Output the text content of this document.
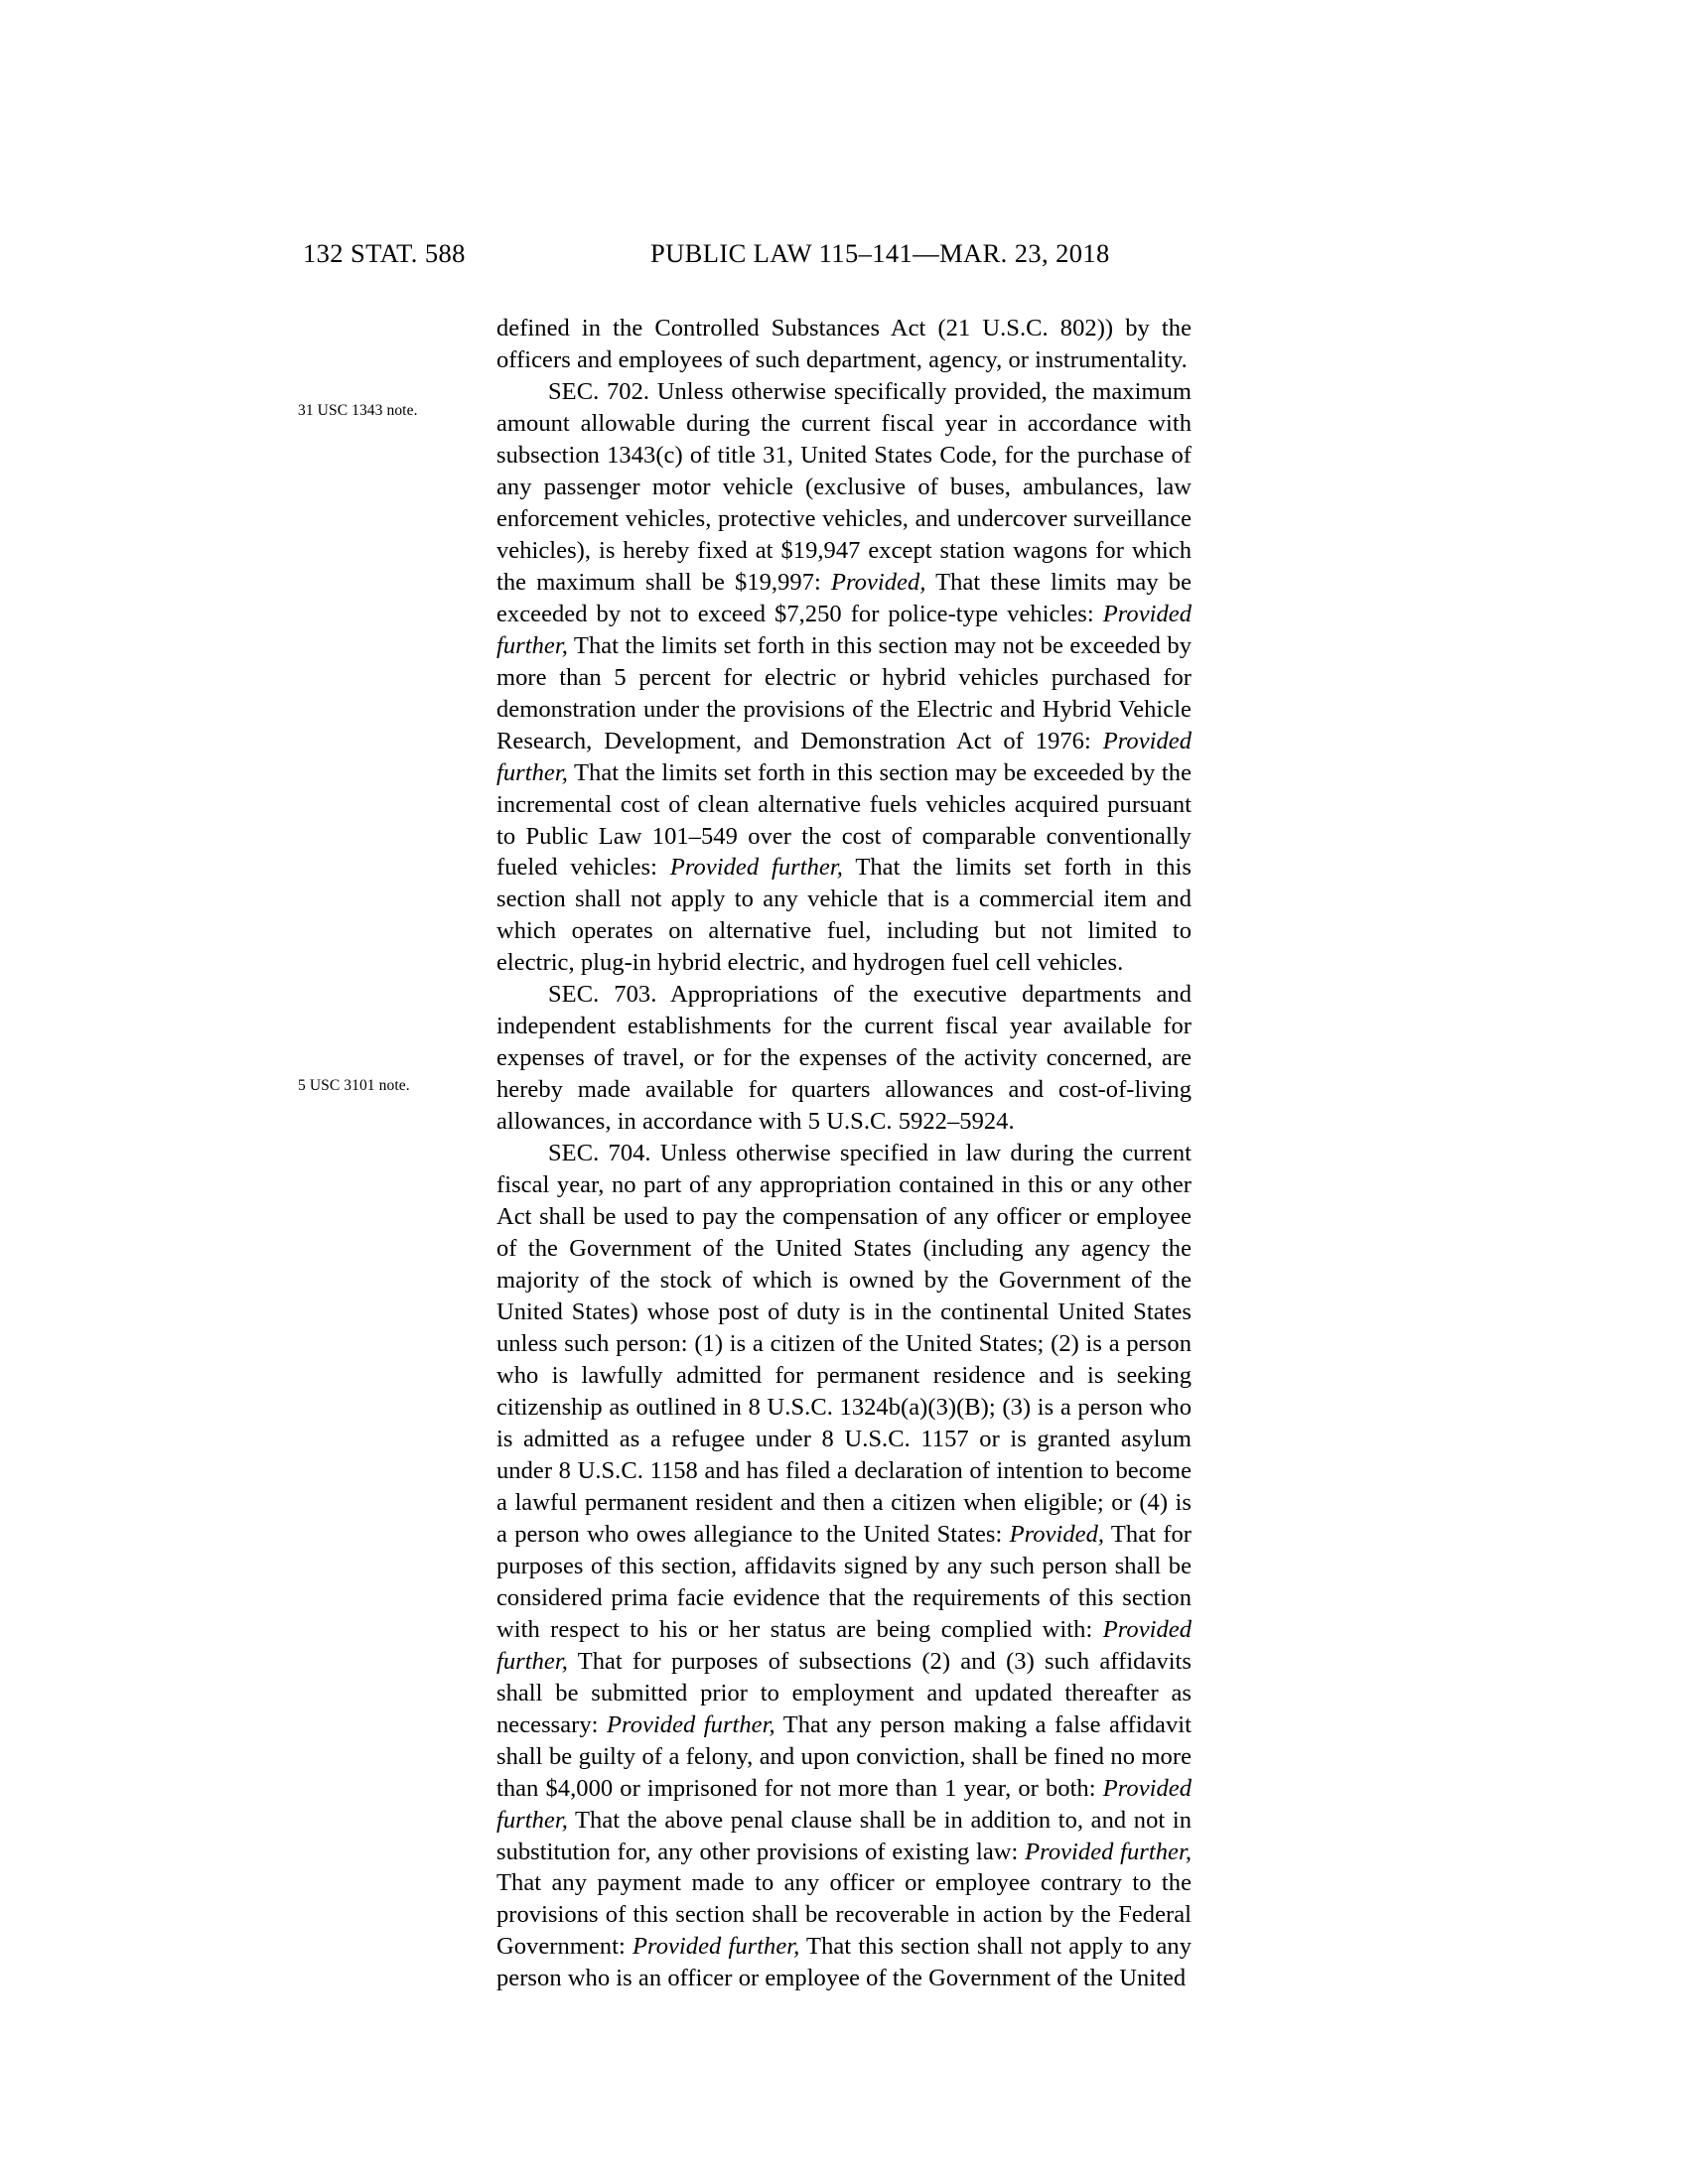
132 STAT. 588	PUBLIC LAW 115–141—MAR. 23, 2018
31 USC 1343 note.
5 USC 3101 note.

defined in the Controlled Substances Act (21 U.S.C. 802)) by the officers and employees of such department, agency, or instrumentality.

SEC. 702. Unless otherwise specifically provided, the maximum amount allowable during the current fiscal year in accordance with subsection 1343(c) of title 31, United States Code, for the purchase of any passenger motor vehicle (exclusive of buses, ambulances, law enforcement vehicles, protective vehicles, and undercover surveillance vehicles), is hereby fixed at $19,947 except station wagons for which the maximum shall be $19,997: Provided, That these limits may be exceeded by not to exceed $7,250 for police-type vehicles: Provided further, That the limits set forth in this section may not be exceeded by more than 5 percent for electric or hybrid vehicles purchased for demonstration under the provisions of the Electric and Hybrid Vehicle Research, Development, and Demonstration Act of 1976: Provided further, That the limits set forth in this section may be exceeded by the incremental cost of clean alternative fuels vehicles acquired pursuant to Public Law 101–549 over the cost of comparable conventionally fueled vehicles: Provided further, That the limits set forth in this section shall not apply to any vehicle that is a commercial item and which operates on alternative fuel, including but not limited to electric, plug-in hybrid electric, and hydrogen fuel cell vehicles.

SEC. 703. Appropriations of the executive departments and independent establishments for the current fiscal year available for expenses of travel, or for the expenses of the activity concerned, are hereby made available for quarters allowances and cost-of-living allowances, in accordance with 5 U.S.C. 5922–5924.

SEC. 704. Unless otherwise specified in law during the current fiscal year, no part of any appropriation contained in this or any other Act shall be used to pay the compensation of any officer or employee of the Government of the United States (including any agency the majority of the stock of which is owned by the Government of the United States) whose post of duty is in the continental United States unless such person: (1) is a citizen of the United States; (2) is a person who is lawfully admitted for permanent residence and is seeking citizenship as outlined in 8 U.S.C. 1324b(a)(3)(B); (3) is a person who is admitted as a refugee under 8 U.S.C. 1157 or is granted asylum under 8 U.S.C. 1158 and has filed a declaration of intention to become a lawful permanent resident and then a citizen when eligible; or (4) is a person who owes allegiance to the United States: Provided, That for purposes of this section, affidavits signed by any such person shall be considered prima facie evidence that the requirements of this section with respect to his or her status are being complied with: Provided further, That for purposes of subsections (2) and (3) such affidavits shall be submitted prior to employment and updated thereafter as necessary: Provided further, That any person making a false affidavit shall be guilty of a felony, and upon conviction, shall be fined no more than $4,000 or imprisoned for not more than 1 year, or both: Provided further, That the above penal clause shall be in addition to, and not in substitution for, any other provisions of existing law: Provided further, That any payment made to any officer or employee contrary to the provisions of this section shall be recoverable in action by the Federal Government: Provided further, That this section shall not apply to any person who is an officer or employee of the Government of the United
